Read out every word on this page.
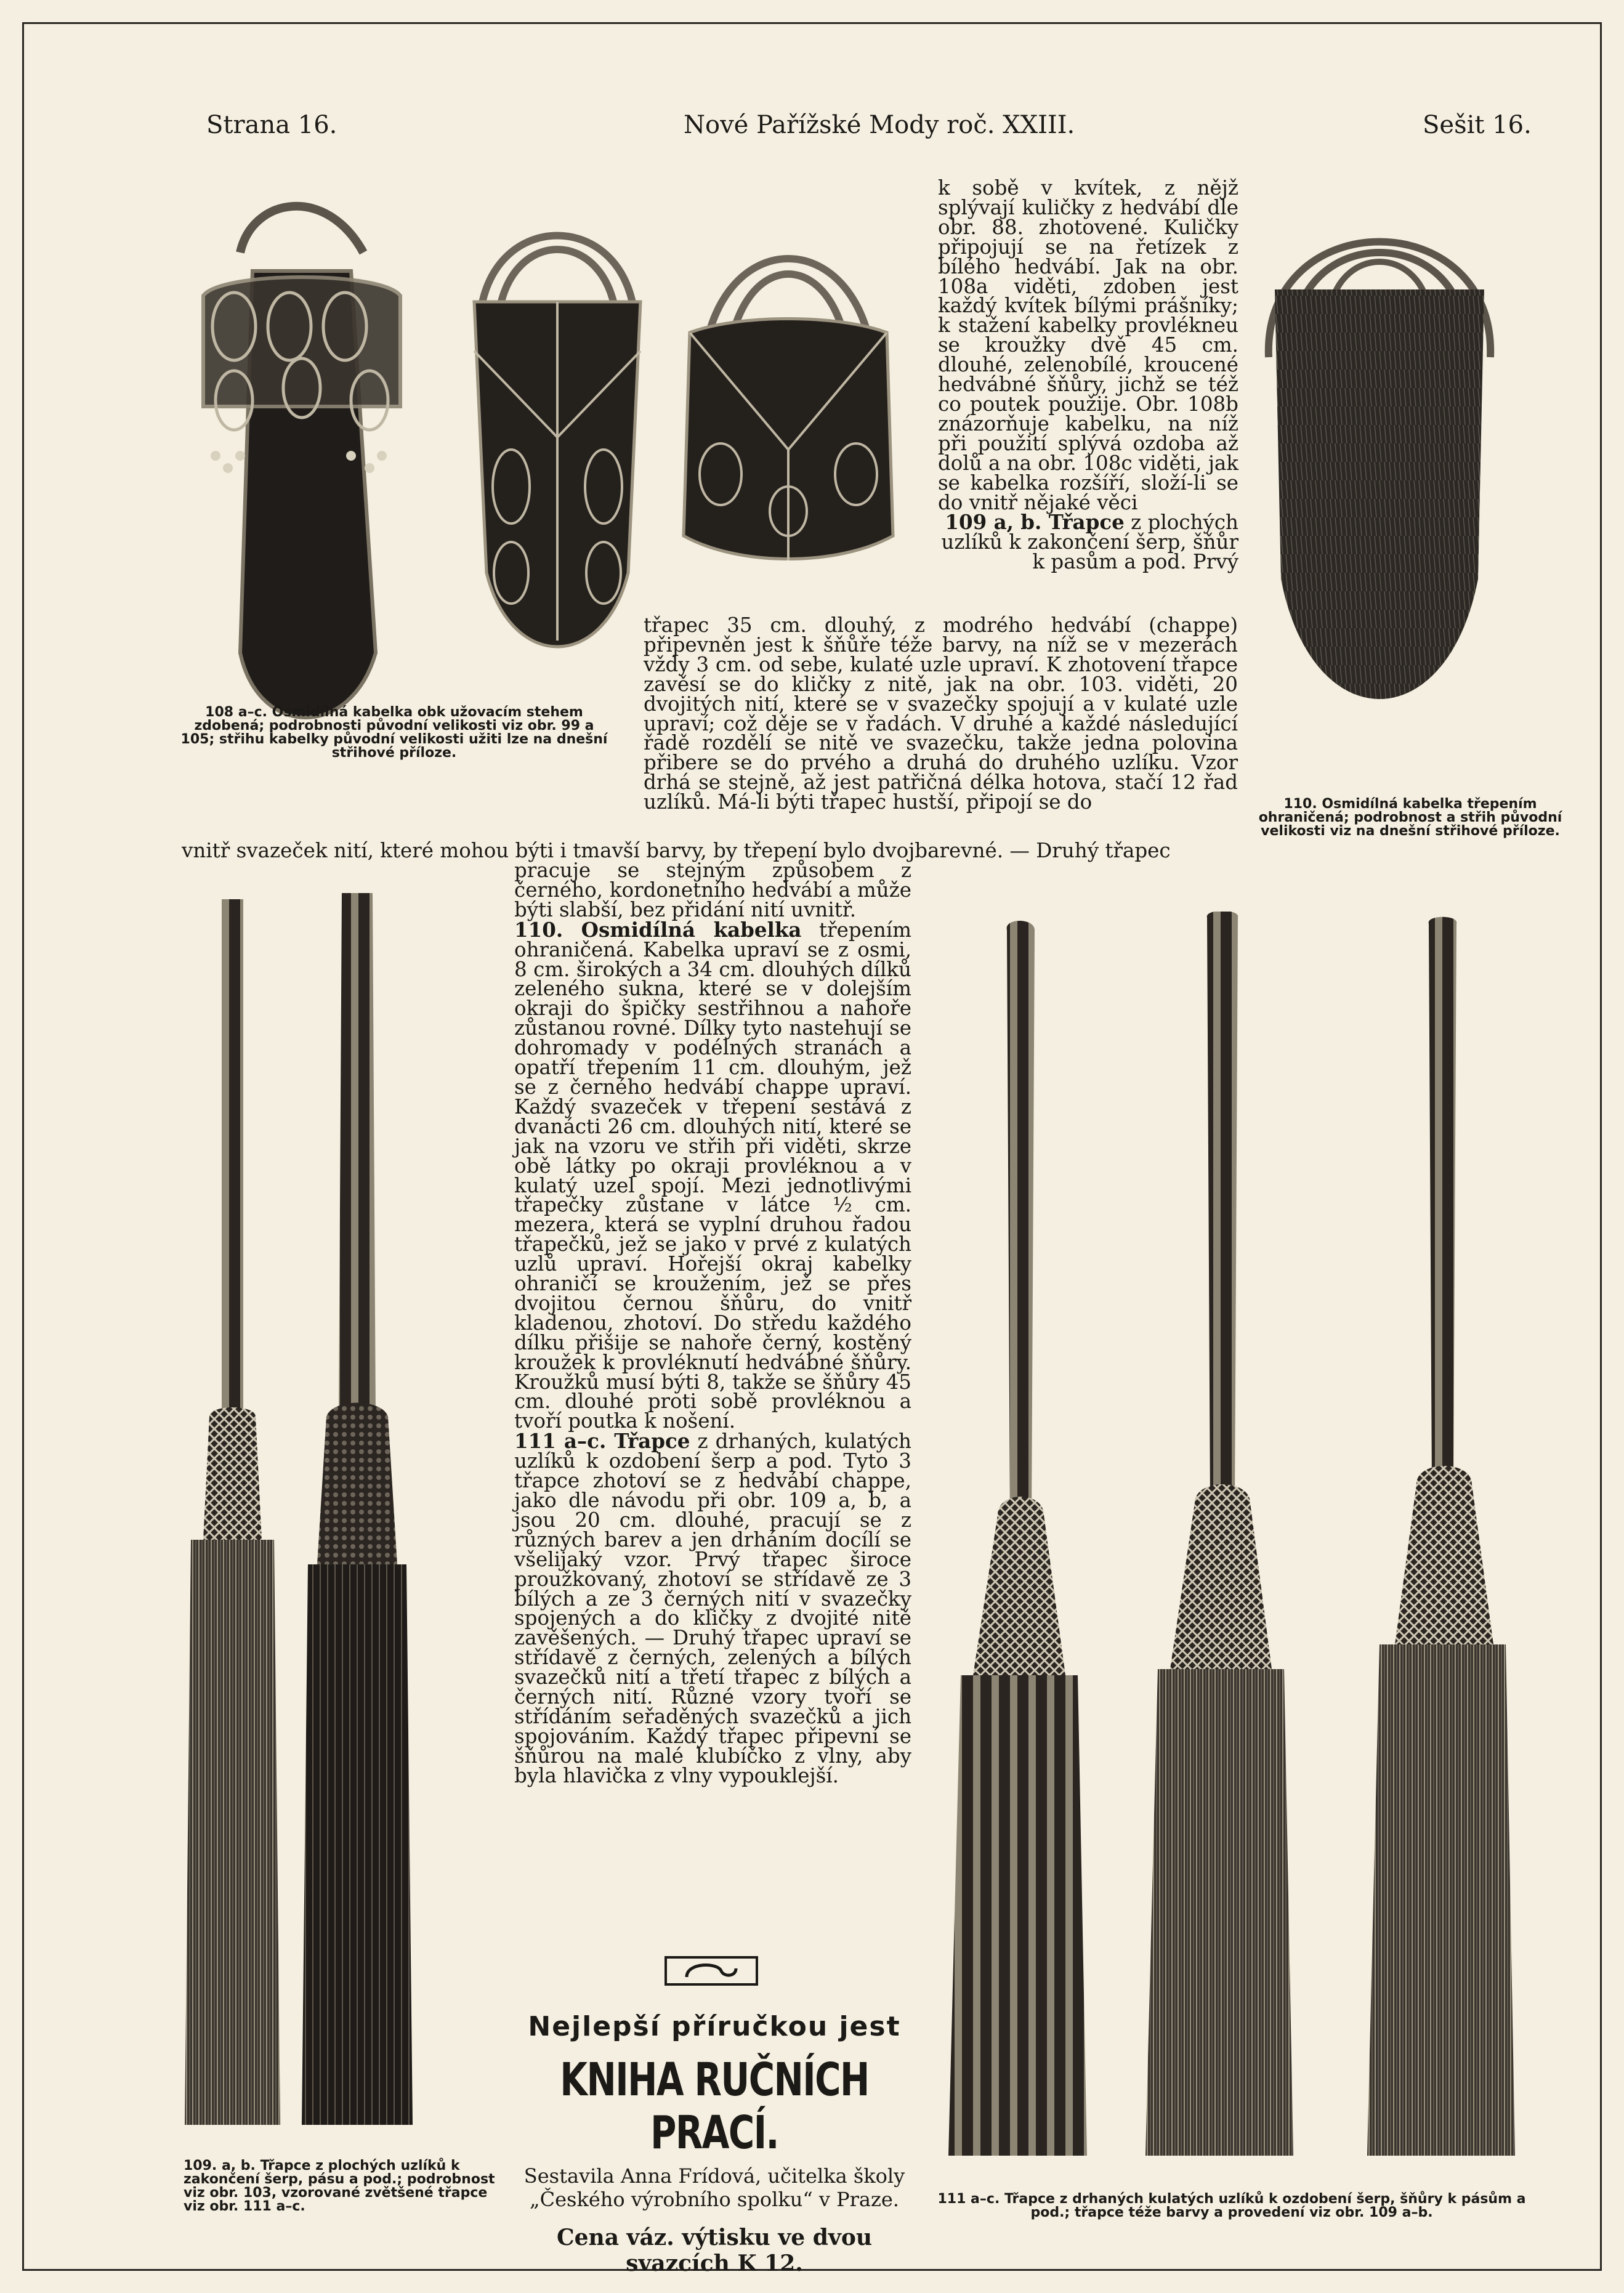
Strana 16.	Nové Pařížské Mody roč. XXIII.	Sešit 16.

k sobě v kvítek, z nějž splývají kuličky z hedvábí dle obr. 88. zhotovené. Kuličky připojují se na řetízek z bílého hedvábí. Jak na obr. 108a viděti, zdoben jest každý kvítek bílými prášníky; k stažení kabelky provlékneu se kroužky dvě 45 cm. dlouhé, zelenobílé, kroucené hedvábné šňůry, jichž se též co poutek použije. Obr. 108b znázorňuje kabelku, na níž při použití splývá ozdoba až dolů a na obr. 108c viděti, jak se kabelka rozšíří, složí-li se do vnitř nějaké věci

109 a, b. Třapce z plochých uzlíků k zakončení šerp, šňůr k pasům a pod. Prvý

třapec 35 cm. dlouhý, z modrého hedvábí (chappe) připevněn jest k šňůře téže barvy, na níž se v mezerách vždy 3 cm. od sebe, kulaté uzle upraví. K zhotovení třapce zavěsí se do kličky z nitě, jak na obr. 103. viděti, 20 dvojitých nití, které se v svazečky spojují a v kulaté uzle upraví; což děje se v řadách. V druhé a každé následující řadě rozdělí se nitě ve svazečku, takže jedna polovina přibere se do prvého a druhá do druhého uzlíku. Vzor drhá se stejně, až jest patřičná délka hotova, stačí 12 řad uzlíků. Má-li býti třapec hustší, připojí se do

108 a–c. Osmidílná kabelka obk užovacím stehem zdobená; podrobnosti původní velikosti viz obr. 99 a 105; střihu kabelky původní velikosti užiti lze na dnešní střihové příloze.
110. Osmidílná kabelka třepením ohraničená; podrobnost a střih původní velikosti viz na dnešní střihové příloze.
vnitř svazeček nití, které mohou býti i tmavší barvy, by třepení bylo dvojbarevné. — Druhý třapec

pracuje se stejným způsobem z černého, kordonetního hedvábí a může býti slabší, bez přidání nití uvnitř.

110. Osmidílná kabelka třepením ohraničená. Kabelka upraví se z osmi, 8 cm. širokých a 34 cm. dlouhých dílků zeleného sukna, které se v dolejším okraji do špičky sestřihnou a nahoře zůstanou rovné. Dílky tyto nastehují se dohromady v podélných stranách a opatří třepením 11 cm. dlouhým, jež se z černého hedvábí chappe upraví. Každý svazeček v třepení sestává z dvanácti 26 cm. dlouhých nití, které se jak na vzoru ve střih při viděti, skrze obě látky po okraji provléknou a v kulatý uzel spojí. Mezi jednotlivými třapečky zůstane v látce ½ cm. mezera, která se vyplní druhou řadou třapečků, jež se jako v prvé z kulatých uzlů upraví. Hořejší okraj kabelky ohraničí se kroužením, jež se přes dvojitou černou šňůru, do vnitř kladenou, zhotoví. Do středu každého dílku přišije se nahoře černý, kostěný kroužek k provléknutí hedvábné šňůry. Kroužků musí býti 8, takže se šňůry 45 cm. dlouhé proti sobě provléknou a tvoří poutka k nošení.

111 a–c. Třapce z drhaných, kulatých uzlíků k ozdobení šerp a pod. Tyto 3 třapce zhotoví se z hedvábí chappe, jako dle návodu při obr. 109 a, b, a jsou 20 cm. dlouhé, pracují se z různých barev a jen drháním docílí se všelijaký vzor. Prvý třapec široce proužkovaný, zhotoví se střídavě ze 3 bílých a ze 3 černých nití v svazečky spojených a do kličky z dvojité nitě zavěšených. — Druhý třapec upraví se střídavě z černých, zelených a bílých svazečků nití a třetí třapec z bílých a černých nití. Různé vzory tvoří se střídáním seřaděných svazečků a jich spojováním. Každý třapec připevní se šňůrou na malé klubíčko z vlny, aby byla hlavička z vlny vypouklejší.

Nejlepší příručkou jest
KNIHA RUČNÍCH PRACÍ.
Sestavila Anna Frídová, učitelka školy „Českého výrobního spolku“ v Praze.
Cena váz. výtisku ve dvou svazcích K 12.
109. a, b. Třapce z plochých uzlíků k zakončení šerp, pásu a pod.; podrobnost viz obr. 103, vzorované zvětšené třapce viz obr. 111 a–c.	111 a–c. Třapce z drhaných kulatých uzlíků k ozdobení šerp, šňůry k pásům a pod.; třapce téže barvy a provedení viz obr. 109 a–b.
